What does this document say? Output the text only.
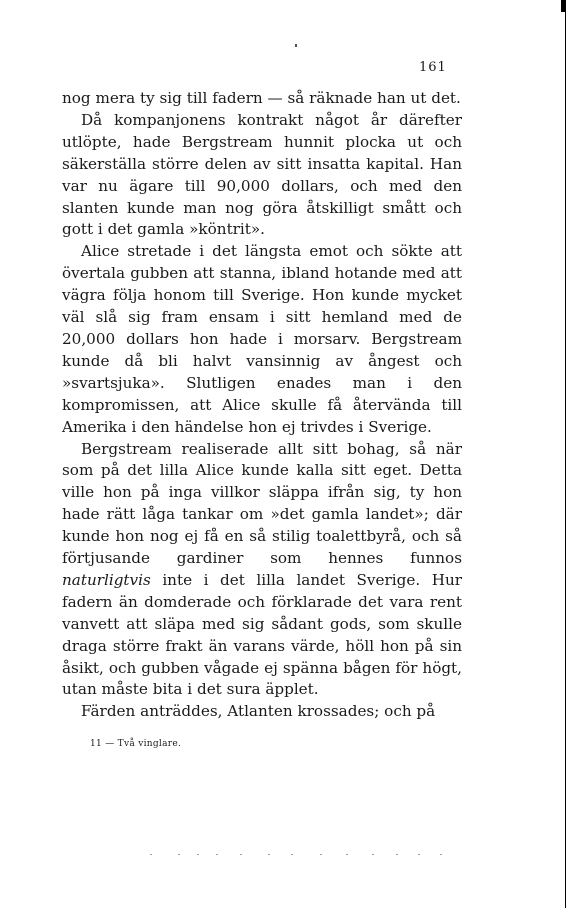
161

nog mera ty sig till fadern — så räknade han ut det.

Då kompanjonens kontrakt något år därefter utlöpte, hade Bergstream hunnit plocka ut och säkerställa större delen av sitt insatta kapital. Han var nu ägare till 90,000 dollars, och med den slanten kunde man nog göra åtskilligt smått och gott i det gamla »köntrit».

Alice stretade i det längsta emot och sökte att övertala gubben att stanna, ibland hotande med att vägra följa honom till Sverige. Hon kunde mycket väl slå sig fram ensam i sitt hemland med de 20,000 dollars hon hade i morsarv. Bergstream kunde då bli halvt vansinnig av ångest och »svartsjuka». Slutligen enades man i den kompromissen, att Alice skulle få återvända till Amerika i den händelse hon ej trivdes i Sverige.

Bergstream realiserade allt sitt bohag, så när som på det lilla Alice kunde kalla sitt eget. Detta ville hon på inga villkor släppa ifrån sig, ty hon hade rätt låga tankar om »det gamla landet»; där kunde hon nog ej få en så stilig toalettbyrå, och så förtjusande gardiner som hennes funnos naturligtvis inte i det lilla landet Sverige. Hur fadern än domderade och förklarade det vara rent vanvett att släpa med sig sådant gods, som skulle draga större frakt än varans värde, höll hon på sin åsikt, och gubben vågade ej spänna bågen för högt, utan måste bita i det sura äpplet.

Färden anträddes, Atlanten krossades; och på

11 — Två vinglare.
